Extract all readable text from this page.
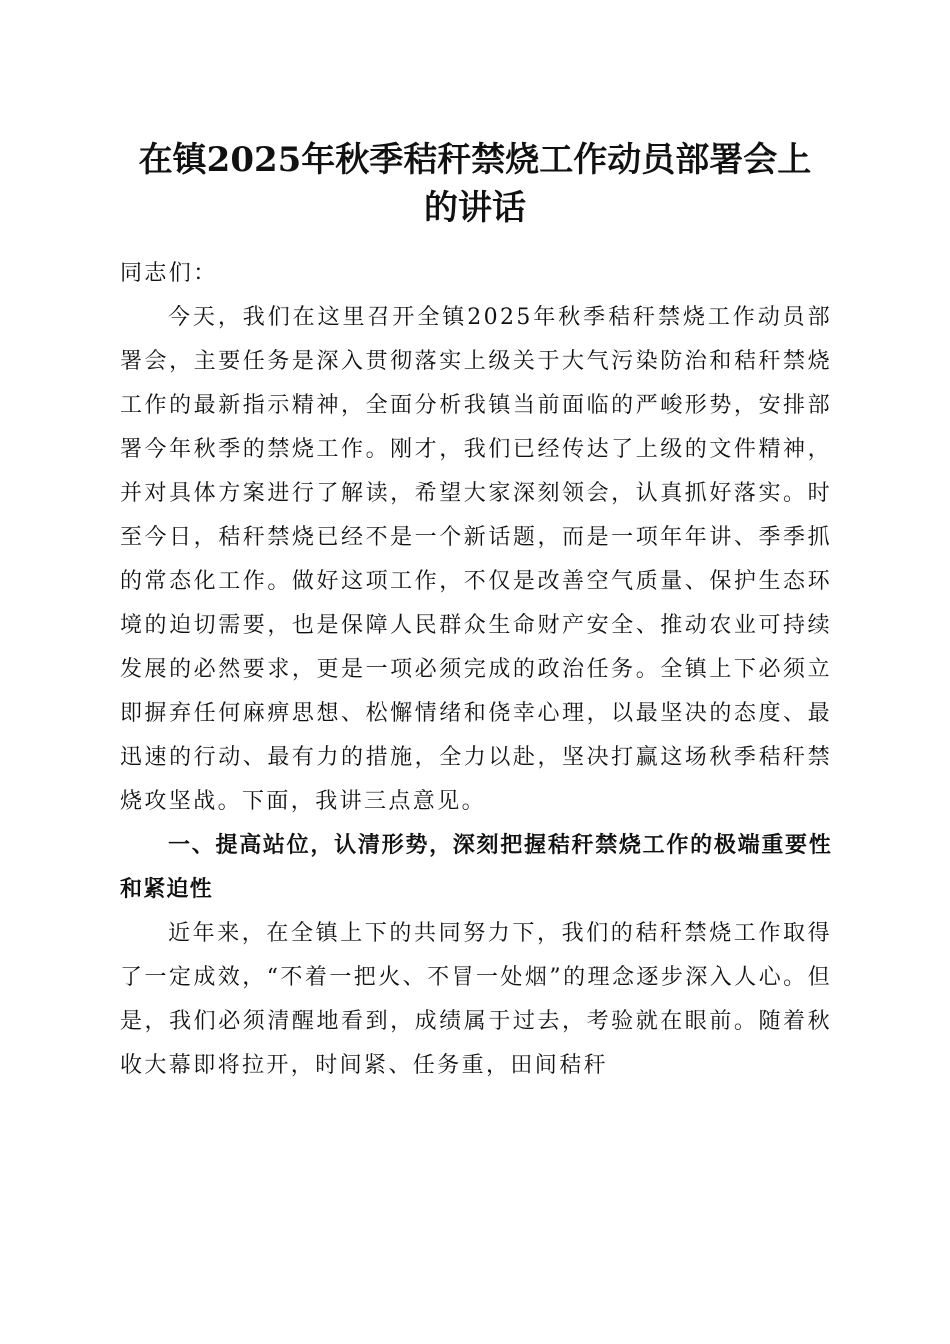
在镇2025年秋季秸秆禁烧工作动员部署会上
的讲话

同志们：

今天，我们在这里召开全镇2025年秋季秸秆禁烧工作动员部署会，主要任务是深入贯彻落实上级关于大气污染防治和秸秆禁烧工作的最新指示精神，全面分析我镇当前面临的严峻形势，安排部署今年秋季的禁烧工作。刚才，我们已经传达了上级的文件精神，并对具体方案进行了解读，希望大家深刻领会，认真抓好落实。时至今日，秸秆禁烧已经不是一个新话题，而是一项年年讲、季季抓的常态化工作。做好这项工作，不仅是改善空气质量、保护生态环境的迫切需要，也是保障人民群众生命财产安全、推动农业可持续发展的必然要求，更是一项必须完成的政治任务。全镇上下必须立即摒弃任何麻痹思想、松懈情绪和侥幸心理，以最坚决的态度、最迅速的行动、最有力的措施，全力以赴，坚决打赢这场秋季秸秆禁烧攻坚战。下面，我讲三点意见。

一、提高站位，认清形势，深刻把握秸秆禁烧工作的极端重要性和紧迫性

近年来，在全镇上下的共同努力下，我们的秸秆禁烧工作取得了一定成效，“不着一把火、不冒一处烟”的理念逐步深入人心。但是，我们必须清醒地看到，成绩属于过去，考验就在眼前。随着秋收大幕即将拉开，时间紧、任务重，田间秸秆
